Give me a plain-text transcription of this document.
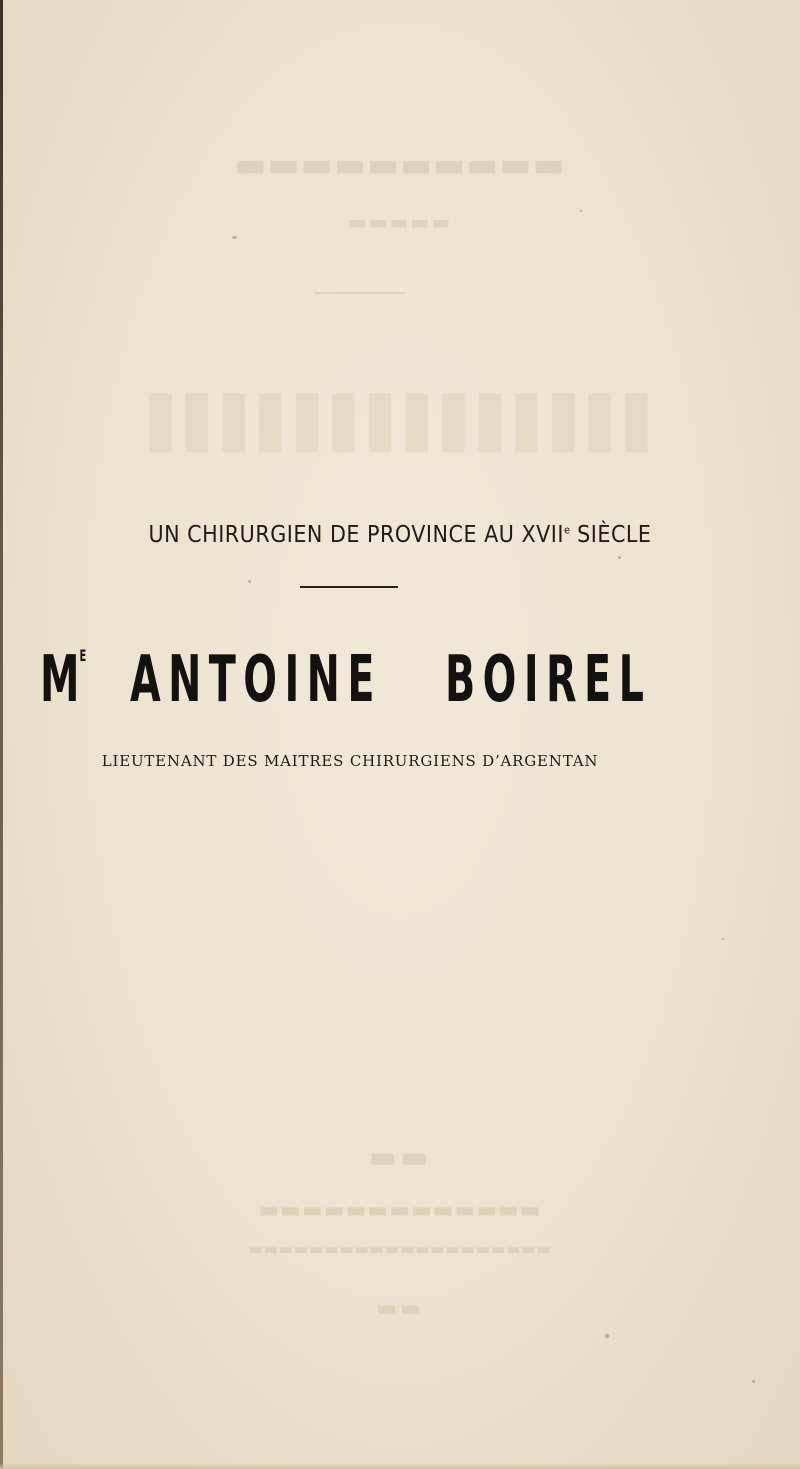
▬▬▬▬▬▬▬▬▬▬
▬▬▬▬▬
▮▮▮▮▮▮▮▮▮▮▮▮▮▮
▬▬
▬▬▬▬▬▬▬▬▬▬▬▬▬
▬▬▬▬▬▬▬▬▬▬▬▬▬▬▬▬▬▬▬▬
▬▬
UN CHIRURGIEN DE PROVINCE AU XVIIe SIÈCLE
$M^E$ ANTOINE BOIREL
LIEUTENANT DES MAITRES CHIRURGIENS D’ARGENTAN
